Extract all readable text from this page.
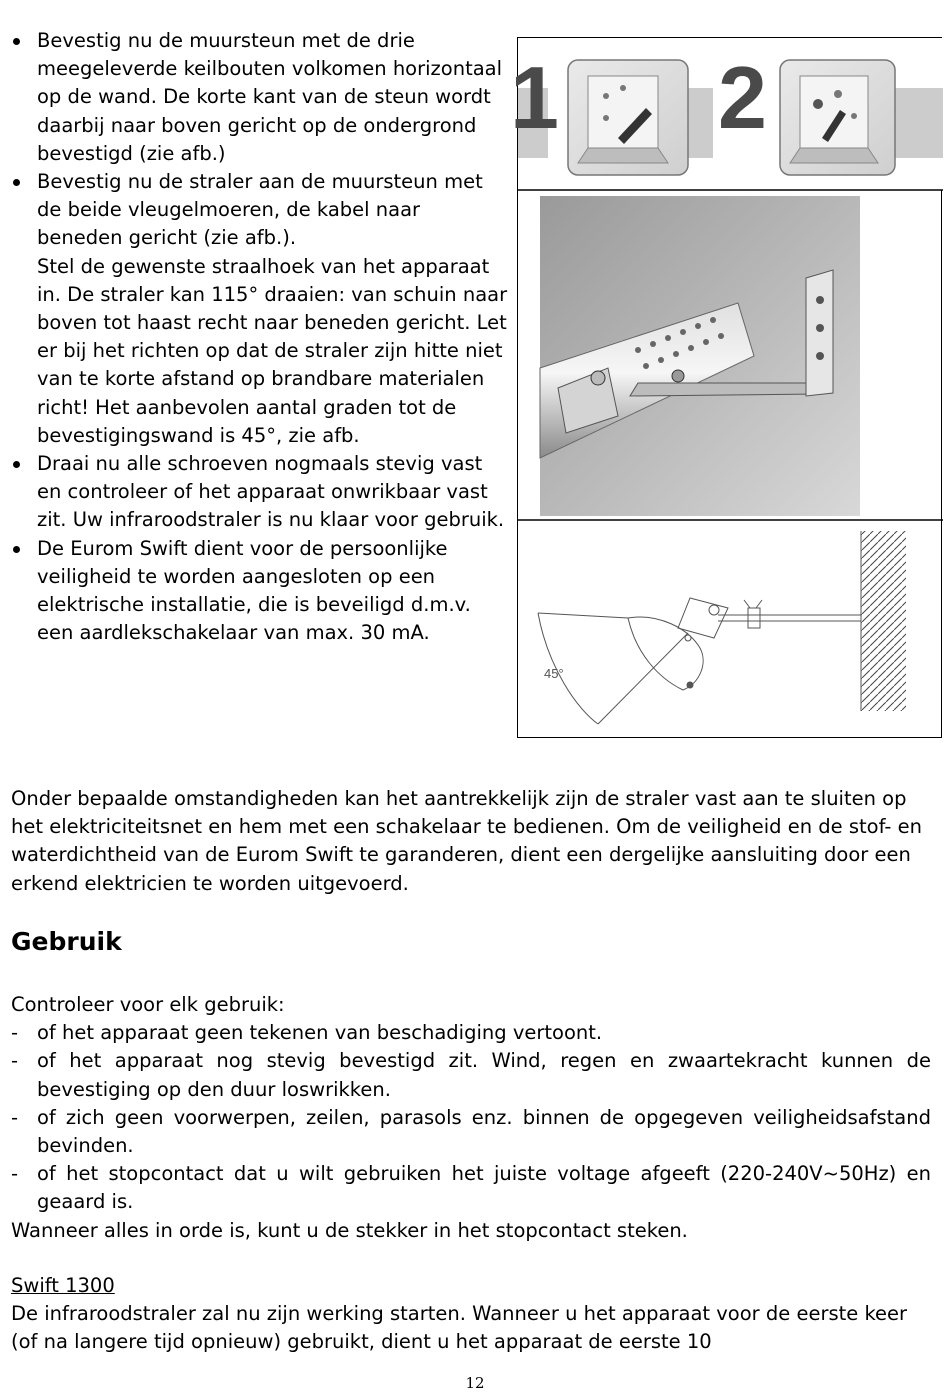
Bevestig nu de muursteun met de drie meegeleverde keilbouten volkomen horizontaal op de wand. De korte kant van de steun wordt daarbij naar boven gericht op de ondergrond bevestigd (zie afb.)
Bevestig nu de straler aan de muursteun met de beide vleugelmoeren, de kabel naar beneden gericht (zie afb.).
Stel de gewenste straalhoek van het apparaat in. De straler kan 115° draaien: van schuin naar boven tot haast recht naar beneden gericht. Let er bij het richten op dat de straler zijn hitte niet van te korte afstand op brandbare materialen richt! Het aanbevolen aantal graden tot de bevestigingswand is 45°, zie afb.
Draai nu alle schroeven nogmaals stevig vast en controleer of het apparaat onwrikbaar vast zit. Uw infraroodstraler is nu klaar voor gebruik.
De Eurom Swift dient voor de persoonlijke veiligheid te worden aangesloten op een elektrische installatie, die is beveiligd d.m.v. een aardlekschakelaar van max. 30 mA.
1 2
45°
Onder bepaalde omstandigheden kan het aantrekkelijk zijn de straler vast aan te sluiten op het elektriciteitsnet en hem met een schakelaar te bedienen. Om de veiligheid en de stof- en waterdichtheid van de Eurom Swift te garanderen, dient een dergelijke aansluiting door een erkend elektricien te worden uitgevoerd.
Gebruik
Controleer voor elk gebruik:
- of het apparaat geen tekenen van beschadiging vertoont.
- of het apparaat nog stevig bevestigd zit. Wind, regen en zwaartekracht kunnen de bevestiging op den duur loswrikken.
- of zich geen voorwerpen, zeilen, parasols enz. binnen de opgegeven veiligheidsafstand bevinden.
- of het stopcontact dat u wilt gebruiken het juiste voltage afgeeft (220-240V~50Hz) en geaard is.
Wanneer alles in orde is, kunt u de stekker in het stopcontact steken.
Swift 1300
De infraroodstraler zal nu zijn werking starten. Wanneer u het apparaat voor de eerste keer (of na langere tijd opnieuw) gebruikt, dient u het apparaat de eerste 10
12
